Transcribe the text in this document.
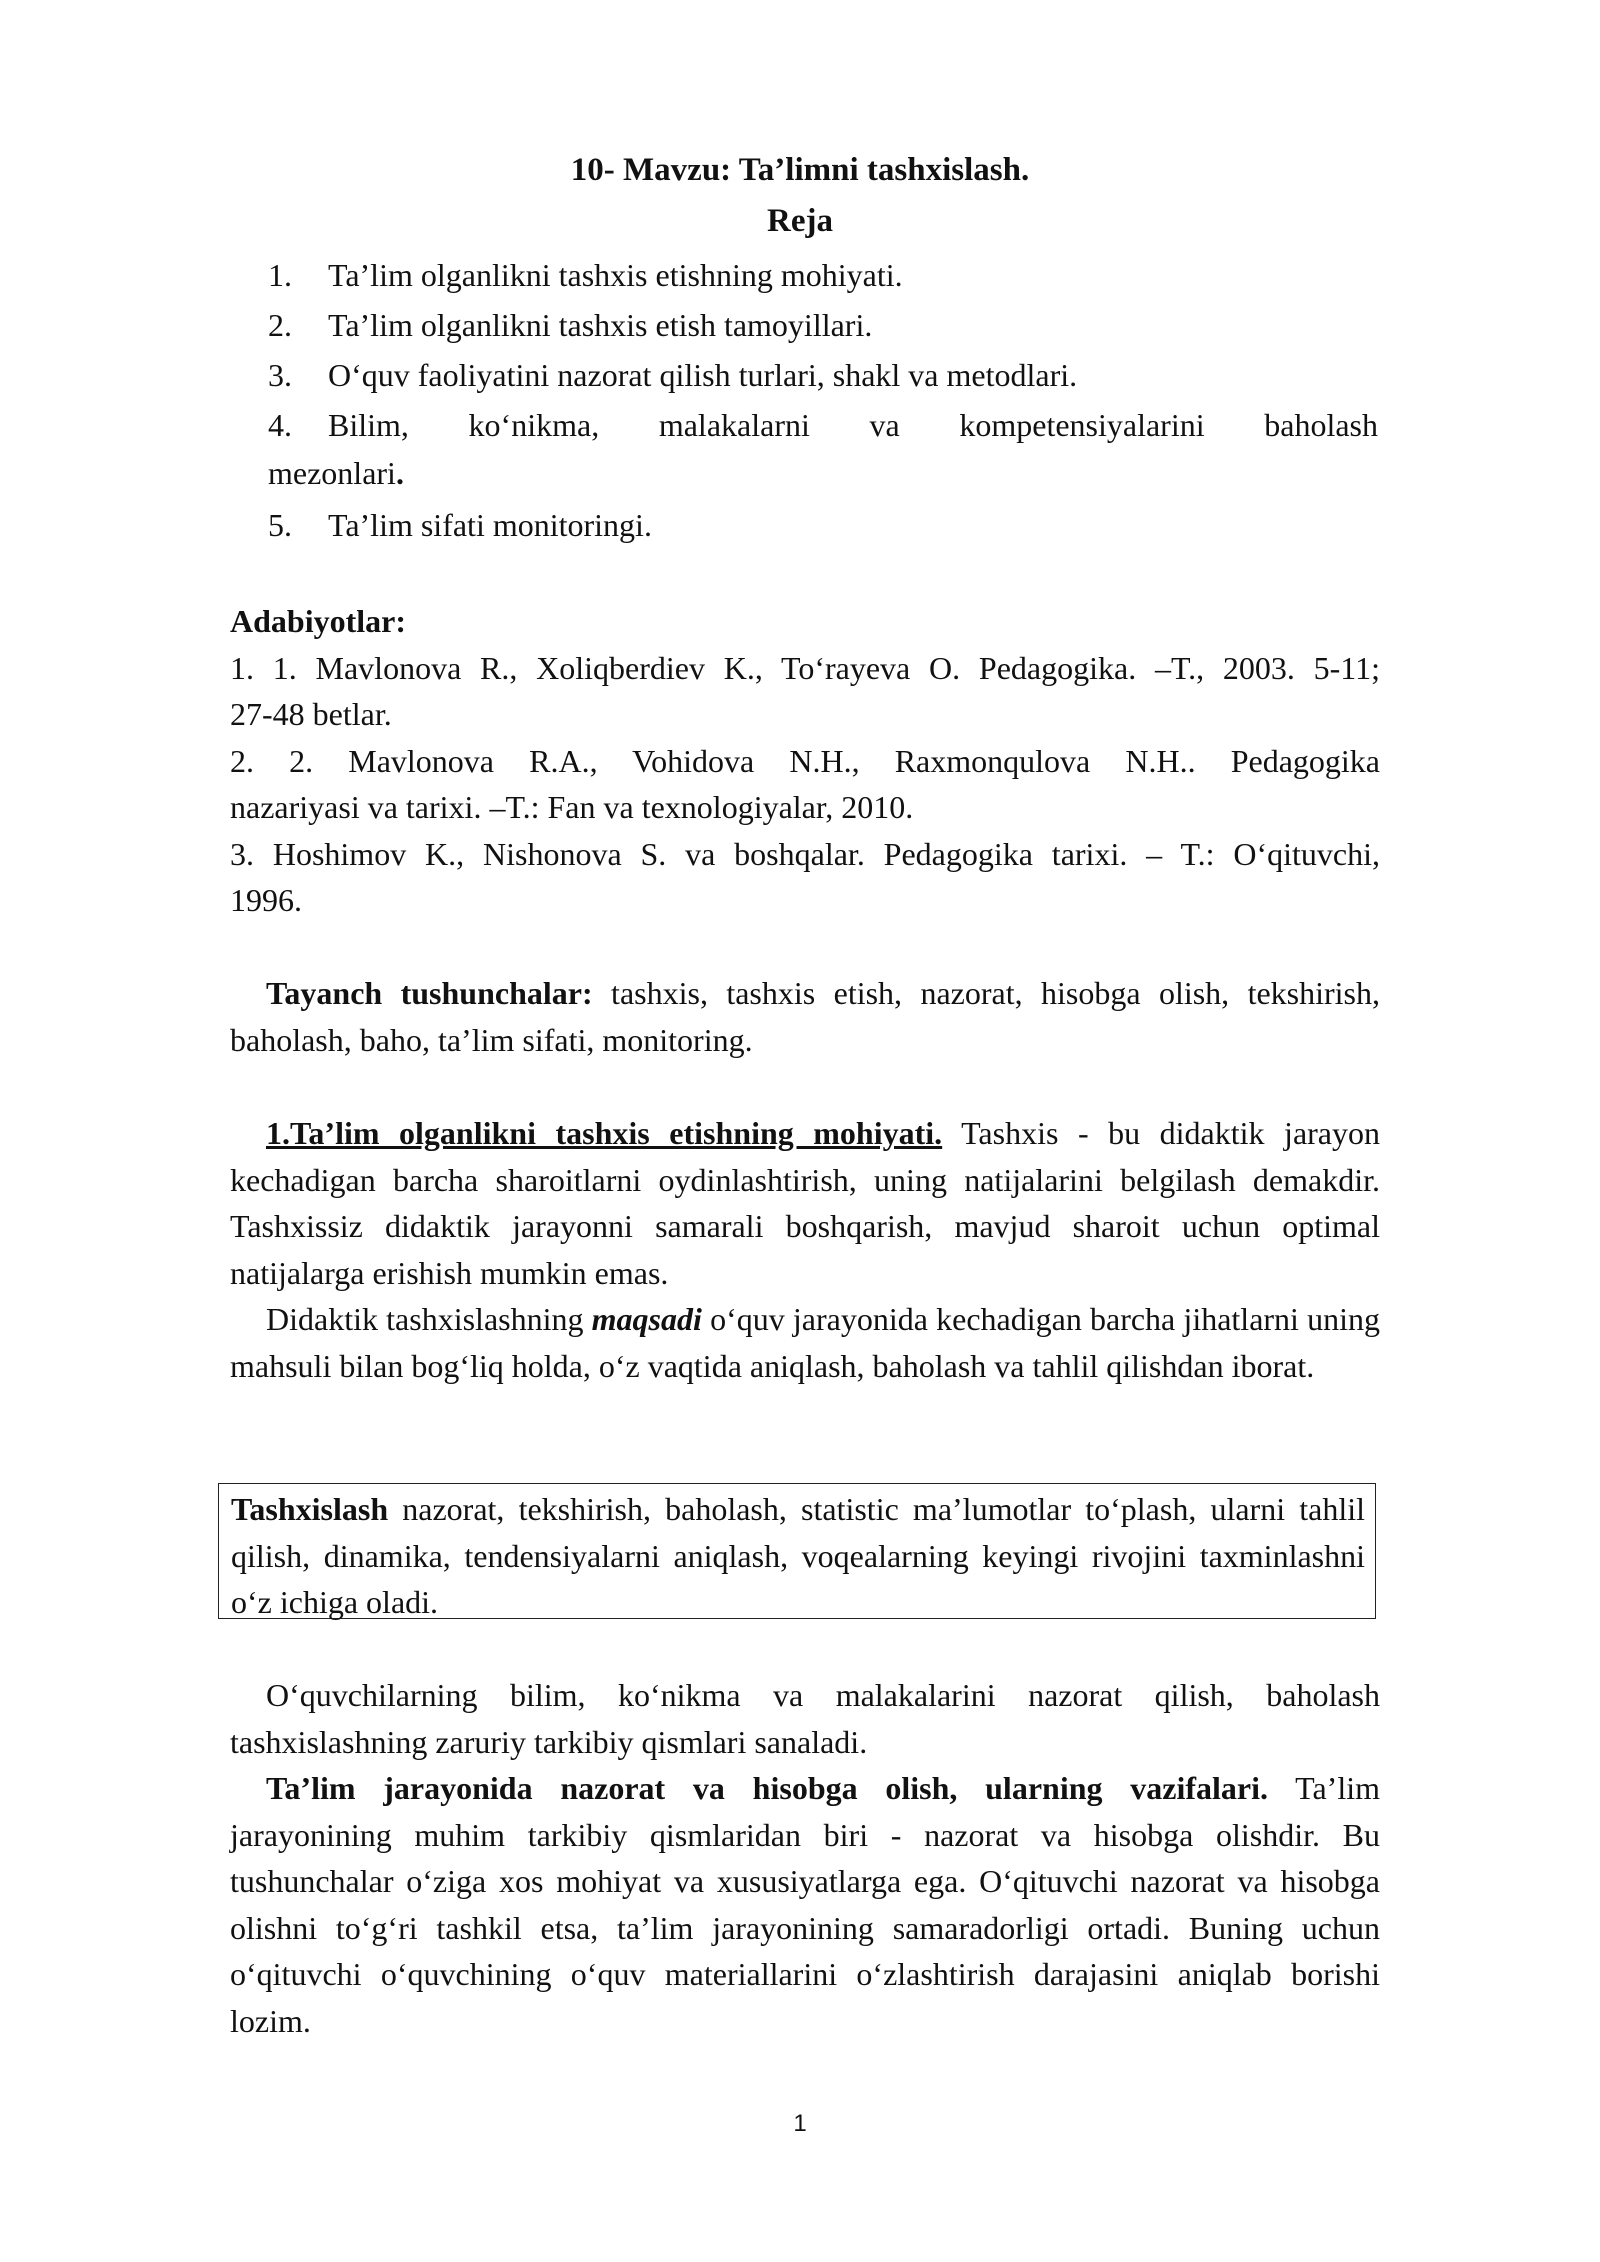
10- Mavzu: Ta’limni tashxislash.
Reja
1. Ta’lim olganlikni tashxis etishning mohiyati.
2. Ta’lim olganlikni tashxis etish tamoyillari.
3. O‘quv faoliyatini nazorat qilish turlari, shakl va metodlari.
4. Bilim, ko‘nikma, malakalarni va kompetensiyalarini baholash
mezonlari.
5. Ta’lim sifati monitoringi.
Adabiyotlar:
1. 1. Mavlonova R., Xoliqberdiev K., To‘rayeva O. Pedagogika. –T., 2003. 5-11;
27-48 betlar.
2. 2. Mavlonova R.A., Vohidova N.H., Raxmonqulova N.H.. Pedagogika
nazariyasi va tarixi. –T.: Fan va texnologiyalar, 2010.
3. Hoshimov K., Nishonova S. va boshqalar. Pedagogika tarixi. – T.: O‘qituvchi,
1996.

Tayanch tushunchalar: tashxis, tashxis etish, nazorat, hisobga olish, tekshirish, baholash, baho, ta’lim sifati, monitoring.

1.Ta’lim olganlikni tashxis etishning mohiyati. Tashxis - bu didaktik jarayon kechadigan barcha sharoitlarni oydinlashtirish, uning natijalarini belgilash demakdir. Tashxissiz didaktik jarayonni samarali boshqarish, mavjud sharoit uchun optimal natijalarga erishish mumkin emas.

Didaktik tashxislashning maqsadi o‘quv jarayonida kechadigan barcha jihatlarni uning mahsuli bilan bog‘liq holda, o‘z vaqtida aniqlash, baholash va tahlil qilishdan iborat.

Tashxislash nazorat, tekshirish, baholash, statistic ma’lumotlar to‘plash, ularni tahlil qilish, dinamika, tendensiyalarni aniqlash, voqealarning keyingi rivojini taxminlashni o‘z ichiga oladi.

O‘quvchilarning bilim, ko‘nikma va malakalarini nazorat qilish, baholash tashxislashning zaruriy tarkibiy qismlari sanaladi.

Ta’lim jarayonida nazorat va hisobga olish, ularning vazifalari. Ta’lim jarayonining muhim tarkibiy qismlaridan biri - nazorat va hisobga olishdir. Bu tushunchalar o‘ziga xos mohiyat va xususiyatlarga ega. O‘qituvchi nazorat va hisobga olishni to‘g‘ri tashkil etsa, ta’lim jarayonining samaradorligi ortadi. Buning uchun o‘qituvchi o‘quvchining o‘quv materiallarini o‘zlashtirish darajasini aniqlab borishi lozim.

1
